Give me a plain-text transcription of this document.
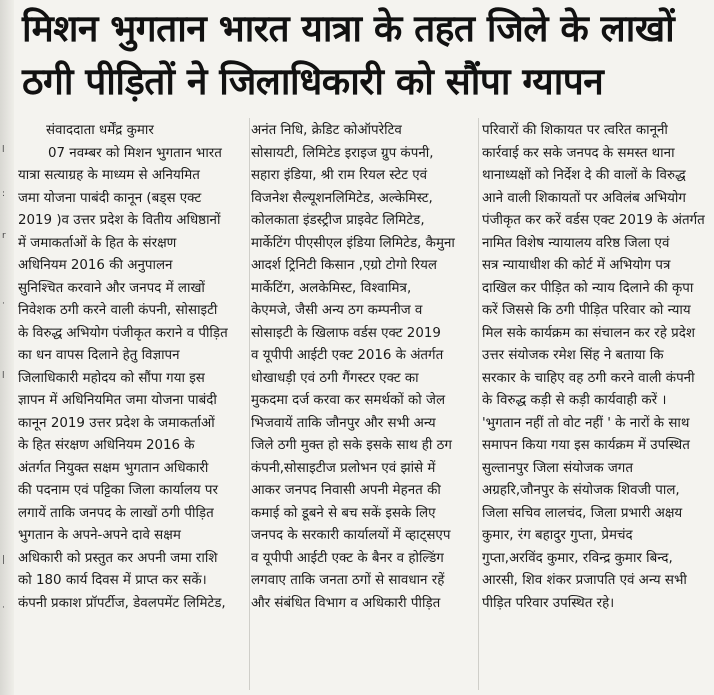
l
:
r
·
l
|
·
मिशन भुगतान भारत यात्रा के तहत जिले के लाखों
ठगी पीड़ितों ने जिलाधिकारी को सौंपा ग्यापन
संवाददाता धर्मेंद्र कुमार
07 नवम्बर को मिशन भुगतान भारत
यात्रा सत्याग्रह के माध्यम से अनियमित
जमा योजना पाबंदी कानून (बड्स एक्ट
2019 )व उत्तर प्रदेश के वितीय अधिष्ठानों
में जमाकर्ताओं के हित के संरक्षण
अधिनियम 2016 की अनुपालन
सुनिश्चित करवाने और जनपद में लाखों
निवेशक ठगी करने वाली कंपनी, सोसाइटी
के विरुद्ध अभियोग पंजीकृत कराने व पीड़ित
का धन वापस दिलाने हेतु विज्ञापन
जिलाधिकारी महोदय को सौंपा गया इस
ज्ञापन में अधिनियमित जमा योजना पाबंदी
कानून 2019 उत्तर प्रदेश के जमाकर्ताओं
के हित संरक्षण अधिनियम 2016 के
अंतर्गत नियुक्त सक्षम भुगतान अधिकारी
की पदनाम एवं पट्टिका जिला कार्यालय पर
लगायें ताकि जनपद के लाखों ठगी पीड़ित
भुगतान के अपने-अपने दावे सक्षम
अधिकारी को प्रस्तुत कर अपनी जमा राशि
को 180 कार्य दिवस में प्राप्त कर सकें।
कंपनी प्रकाश प्रॉपर्टीज, डेवलपमेंट लिमिटेड,
अनंत निधि, क्रेडिट कोऑपरेटिव
सोसायटी, लिमिटेड इराइज ग्रुप कंपनी,
सहारा इंडिया, श्री राम रियल स्टेट एवं
विजनेश सैल्यूशनलिमिटेड, अल्केमिस्ट,
कोलकाता इंडस्ट्रीज प्राइवेट लिमिटेड,
मार्केटिंग पीएसीएल इंडिया लिमिटेड, कैमुना
आदर्श ट्रिनिटी किसान ,एग्रो टोगो रियल
मार्केटिंग, अलकेमिस्ट, विश्वामित्र,
केएमजे, जैसी अन्य ठग कम्पनीज व
सोसाइटी के खिलाफ वर्डस एक्ट 2019
व यूपीपी आईटी एक्ट 2016 के अंतर्गत
धोखाधड़ी एवं ठगी गैंगस्टर एक्ट का
मुकदमा दर्ज करवा कर समर्थकों को जेल
भिजवायें ताकि जौनपुर और सभी अन्य
जिले ठगी मुक्त हो सके इसके साथ ही ठग
कंपनी,सोसाइटीज प्रलोभन एवं झांसे में
आकर जनपद निवासी अपनी मेहनत की
कमाई को डूबने से बच सकें इसके लिए
जनपद के सरकारी कार्यालयों में व्हाट्सएप
व यूपीपी आईटी एक्ट के बैनर व होल्डिंग
लगवाए ताकि जनता ठगों से सावधान रहें
और संबंधित विभाग व अधिकारी पीड़ित
परिवारों की शिकायत पर त्वरित कानूनी
कार्रवाई कर सके जनपद के समस्त थाना
थानाध्यक्षों को निर्देश दे की वालों के विरुद्ध
आने वाली शिकायतों पर अविलंब अभियोग
पंजीकृत कर करें वर्डस एक्ट 2019 के अंतर्गत
नामित विशेष न्यायालय वरिष्ठ जिला एवं
सत्र न्यायाधीश की कोर्ट में अभियोग पत्र
दाखिल कर पीड़ित को न्याय दिलाने की कृपा
करें जिससे कि ठगी पीड़ित परिवार को न्याय
मिल सके कार्यक्रम का संचालन कर रहे प्रदेश
उत्तर संयोजक रमेश सिंह ने बताया कि
सरकार के चाहिए वह ठगी करने वाली कंपनी
के विरुद्ध कड़ी से कड़ी कार्यवाही करें ।
'भुगतान नहीं तो वोट नहीं ' के नारों के साथ
समापन किया गया इस कार्यक्रम में उपस्थित
सुल्तानपुर जिला संयोजक जगत
अग्रहरि,जौनपुर के संयोजक शिवजी पाल,
जिला सचिव लालचंद, जिला प्रभारी अक्षय
कुमार, रंग बहादुर गुप्ता, प्रेमचंद
गुप्ता,अरविंद कुमार, रविन्द्र कुमार बिन्द,
आरसी, शिव शंकर प्रजापति एवं अन्य सभी
पीड़ित परिवार उपस्थित रहे।
